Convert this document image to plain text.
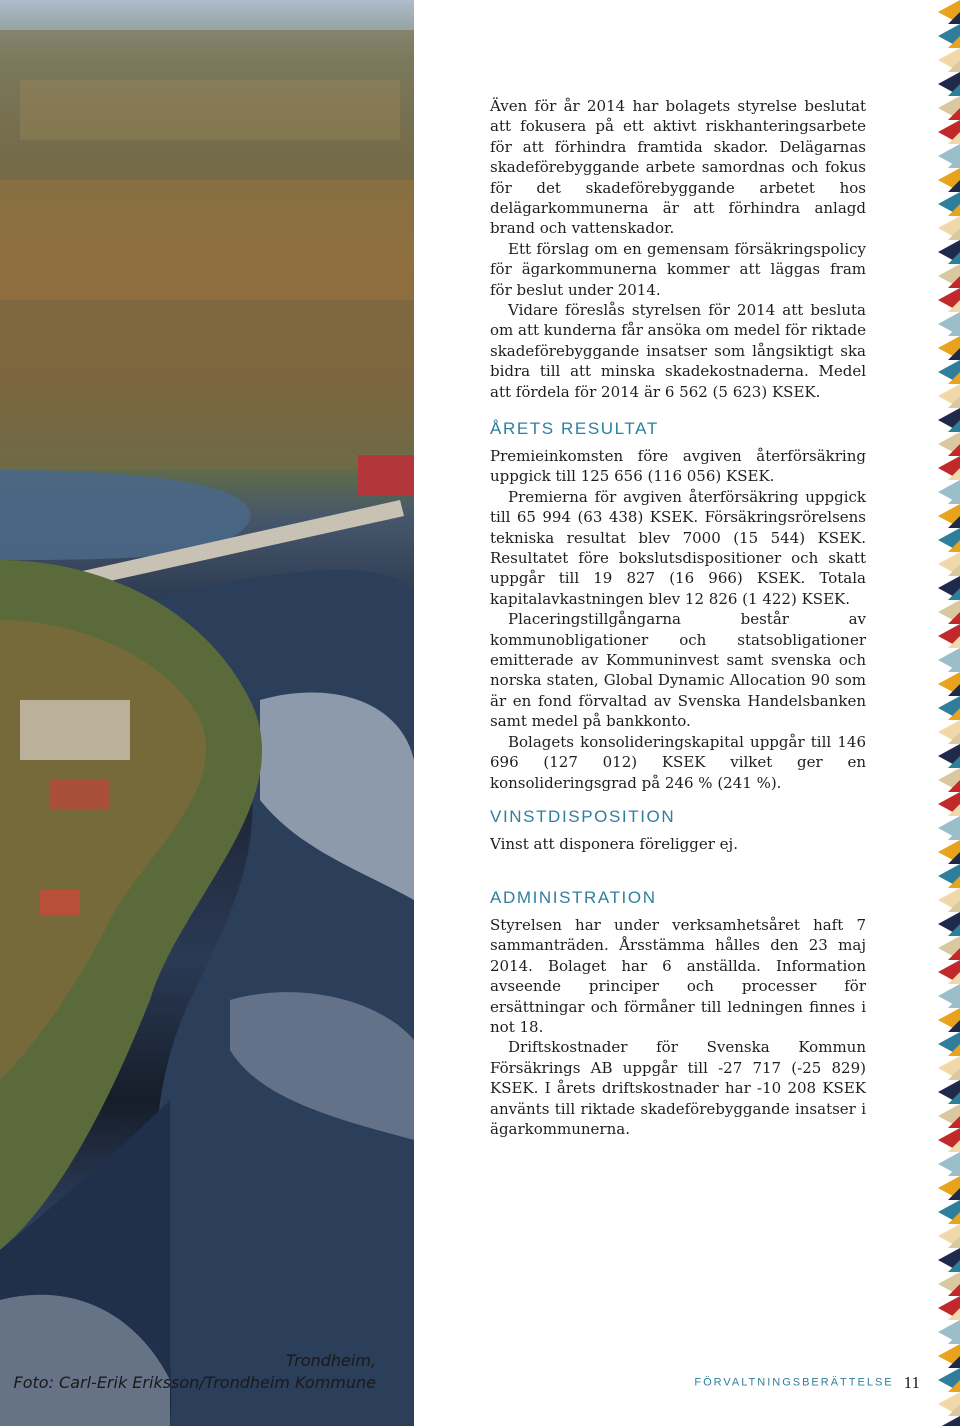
Trondheim,
Foto: Carl-Erik Eriksson/Trondheim Kommune

Även för år 2014 har bolagets styrelse beslutat att fokusera på ett aktivt riskhanteringsarbete för att förhindra framtida skador. Delägarnas skadeförebyggande arbete samordnas och fokus för det skadeförebyggande arbetet hos delägarkommunerna är att förhindra anlagd brand och vattenskador.

Ett förslag om en gemensam försäkringspolicy för ägarkommunerna kommer att läggas fram för beslut under 2014.

Vidare föreslås styrelsen för 2014 att besluta om att kunderna får ansöka om medel för riktade skadeförebyggande insatser som långsiktigt ska bidra till att minska skadekostnaderna. Medel att fördela för 2014 är 6 562 (5 623) KSEK.

ÅRETS RESULTAT

Premieinkomsten före avgiven återförsäkring uppgick till 125 656 (116 056) KSEK.

Premierna för avgiven återförsäkring uppgick till 65 994 (63 438) KSEK. Försäkringsrörelsens tekniska resultat blev 7000 (15 544) KSEK. Resultatet före bokslutsdispositioner och skatt uppgår till 19 827 (16 966) KSEK. Totala kapitalavkastningen blev 12 826 (1 422) KSEK.

Placeringstillgångarna består av kommunobligationer och statsobligationer emitterade av Kommuninvest samt svenska och norska staten, Global Dynamic Allocation 90 som är en fond förvaltad av Svenska Handelsbanken samt medel på bankkonto.

Bolagets konsolideringskapital uppgår till 146 696 (127 012) KSEK vilket ger en konsolideringsgrad på 246 % (241 %).

VINSTDISPOSITION

Vinst att disponera föreligger ej.

ADMINISTRATION

Styrelsen har under verksamhetsåret haft 7 sammanträden. Årsstämma hålles den 23 maj 2014. Bolaget har 6 anställda. Information avseende principer och processer för ersättningar och förmåner till ledningen finnes i not 18.

Driftskostnader för Svenska Kommun Försäkrings AB uppgår till -27 717 (-25 829) KSEK. I årets driftskostnader har -10 208 KSEK använts till riktade skadeförebyggande insatser i ägarkommunerna.

FÖRVALTNINGSBERÄTTELSE 11
